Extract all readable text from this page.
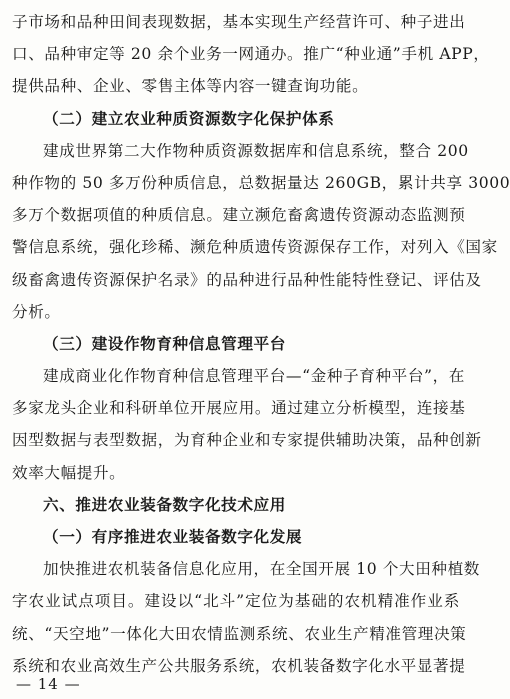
子市场和品种田间表现数据，基本实现生产经营许可、种子进出
口、品种审定等 20 余个业务一网通办。推广“种业通”手机 APP，
提供品种、企业、零售主体等内容一键查询功能。
（二）建立农业种质资源数字化保护体系
建成世界第二大作物种质资源数据库和信息系统，整合 200
种作物的 50 多万份种质信息，总数据量达 260GB，累计共享 3000
多万个数据项值的种质信息。建立濒危畜禽遗传资源动态监测预
警信息系统，强化珍稀、濒危种质遗传资源保存工作，对列入《国家
级畜禽遗传资源保护名录》的品种进行品种性能特性登记、评估及
分析。
（三）建设作物育种信息管理平台
建成商业化作物育种信息管理平台—“金种子育种平台”，在
多家龙头企业和科研单位开展应用。通过建立分析模型，连接基
因型数据与表型数据，为育种企业和专家提供辅助决策，品种创新
效率大幅提升。
六、推进农业装备数字化技术应用
（一）有序推进农业装备数字化发展
加快推进农机装备信息化应用，在全国开展 10 个大田种植数
字农业试点项目。建设以“北斗”定位为基础的农机精准作业系
统、“天空地”一体化大田农情监测系统、农业生产精准管理决策
系统和农业高效生产公共服务系统，农机装备数字化水平显著提
— 14 —
